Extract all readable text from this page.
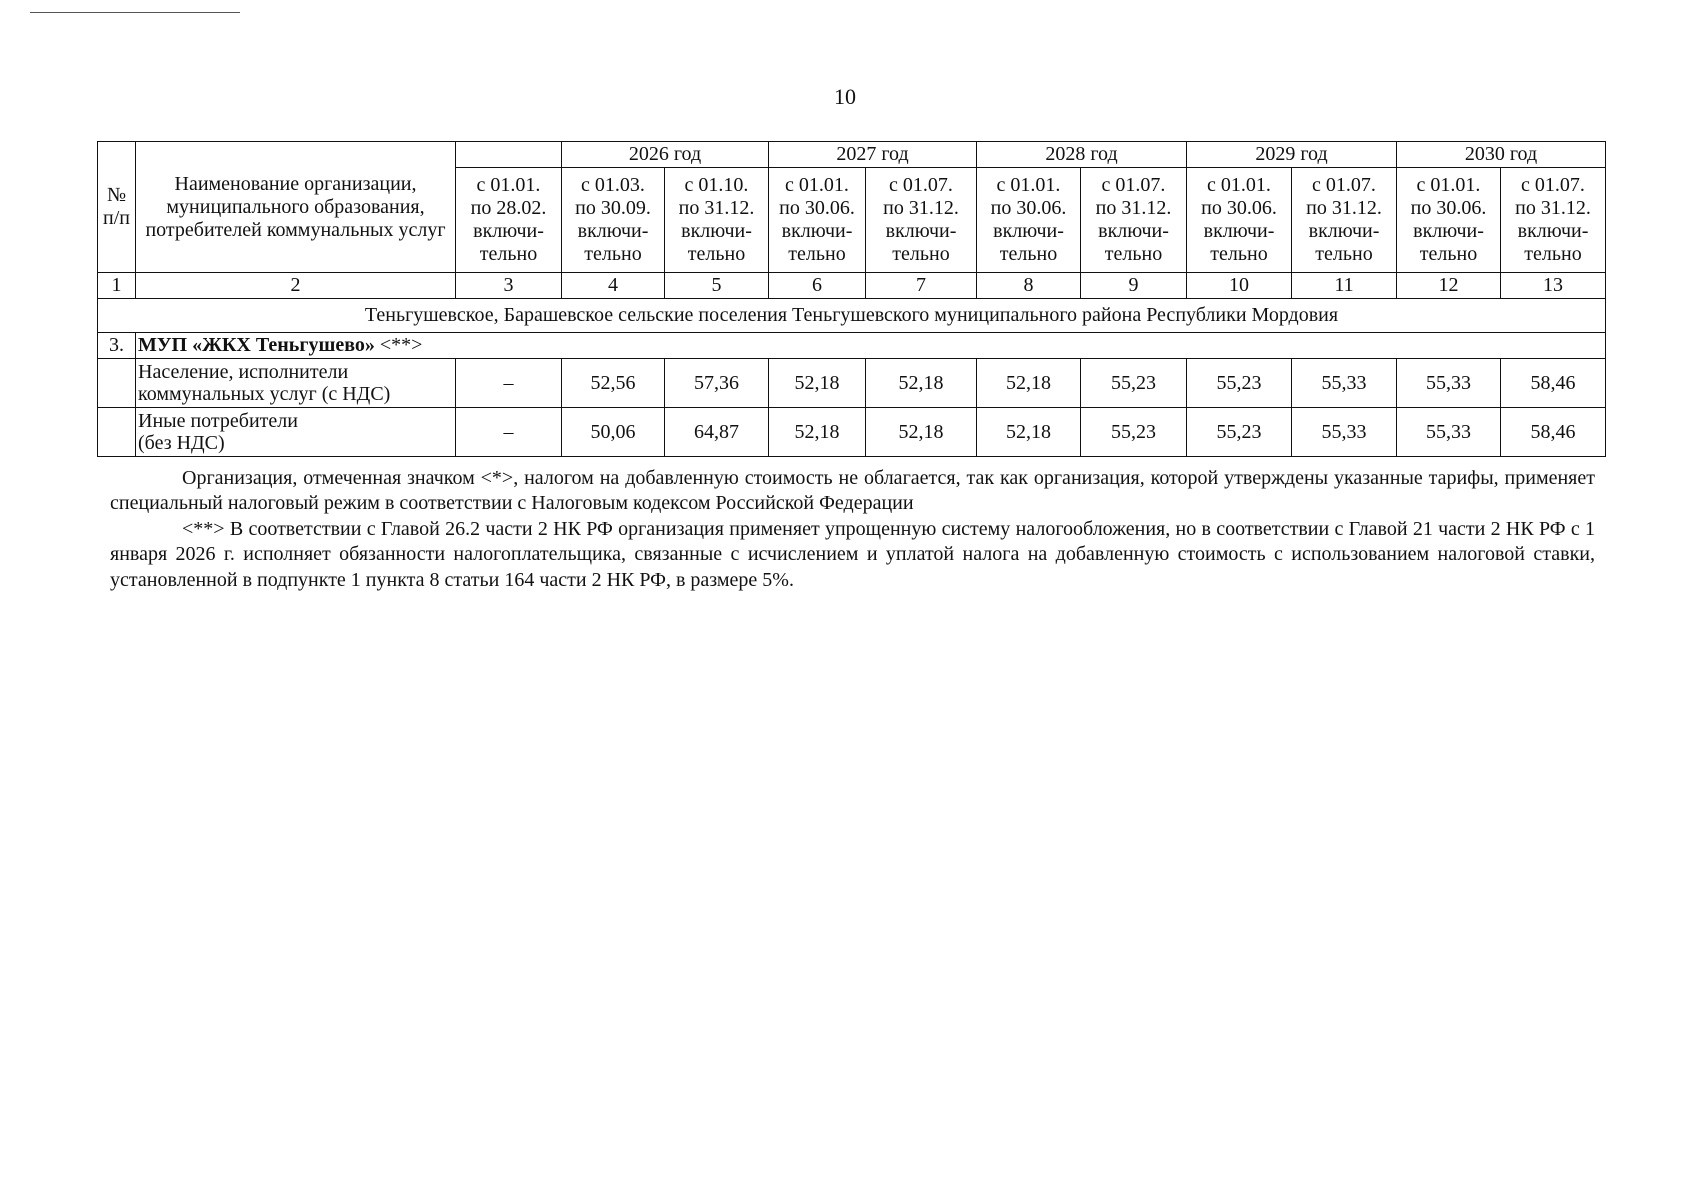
10
№ п/п	Наименование организации, муниципального образования, потребителей коммунальных услуг		2026 год		2027 год		2028 год		2029 год		2030 год	
		с 01.01.
по 28.02.
включи-
тельно	с 01.03.
по 30.09.
включи-
тельно	с 01.10.
по 31.12.
включи-
тельно	с 01.01.
по 30.06.
включи-
тельно	с 01.07.
по 31.12.
включи-
тельно	с 01.01.
по 30.06.
включи-
тельно	с 01.07.
по 31.12.
включи-
тельно	с 01.01.
по 30.06.
включи-
тельно	с 01.07.
по 31.12.
включи-
тельно	с 01.01.
по 30.06.
включи-
тельно	с 01.07.
по 31.12.
включи-
тельно
1	2	3	4	5	6	7	8	9	10	11	12	13
Теньгушевское, Барашевское сельские поселения Теньгушевского муниципального района Республики Мордовия												
3.	МУП «ЖКХ Теньгушево» <**>											
	Население, исполнители
коммунальных услуг (с НДС)	–	52,56	57,36	52,18	52,18	52,18	55,23	55,23	55,33	55,33	58,46
	Иные потребители
(без НДС)	–	50,06	64,87	52,18	52,18	52,18	55,23	55,23	55,33	55,33	58,46

Организация, отмеченная значком <*>, налогом на добавленную стоимость не облагается, так как организация, которой утверждены указанные тарифы, применяет специальный налоговый режим в соответствии с Налоговым кодексом Российской Федерации

<**> В соответствии с Главой 26.2 части 2 НК РФ организация применяет упрощенную систему налогообложения, но в соответствии с Главой 21 части 2 НК РФ с 1 января 2026 г. исполняет обязанности налогоплательщика, связанные с исчислением и уплатой налога на добавленную стоимость с использованием налоговой ставки, установленной в подпункте 1 пункта 8 статьи 164 части 2 НК РФ, в размере 5%.
